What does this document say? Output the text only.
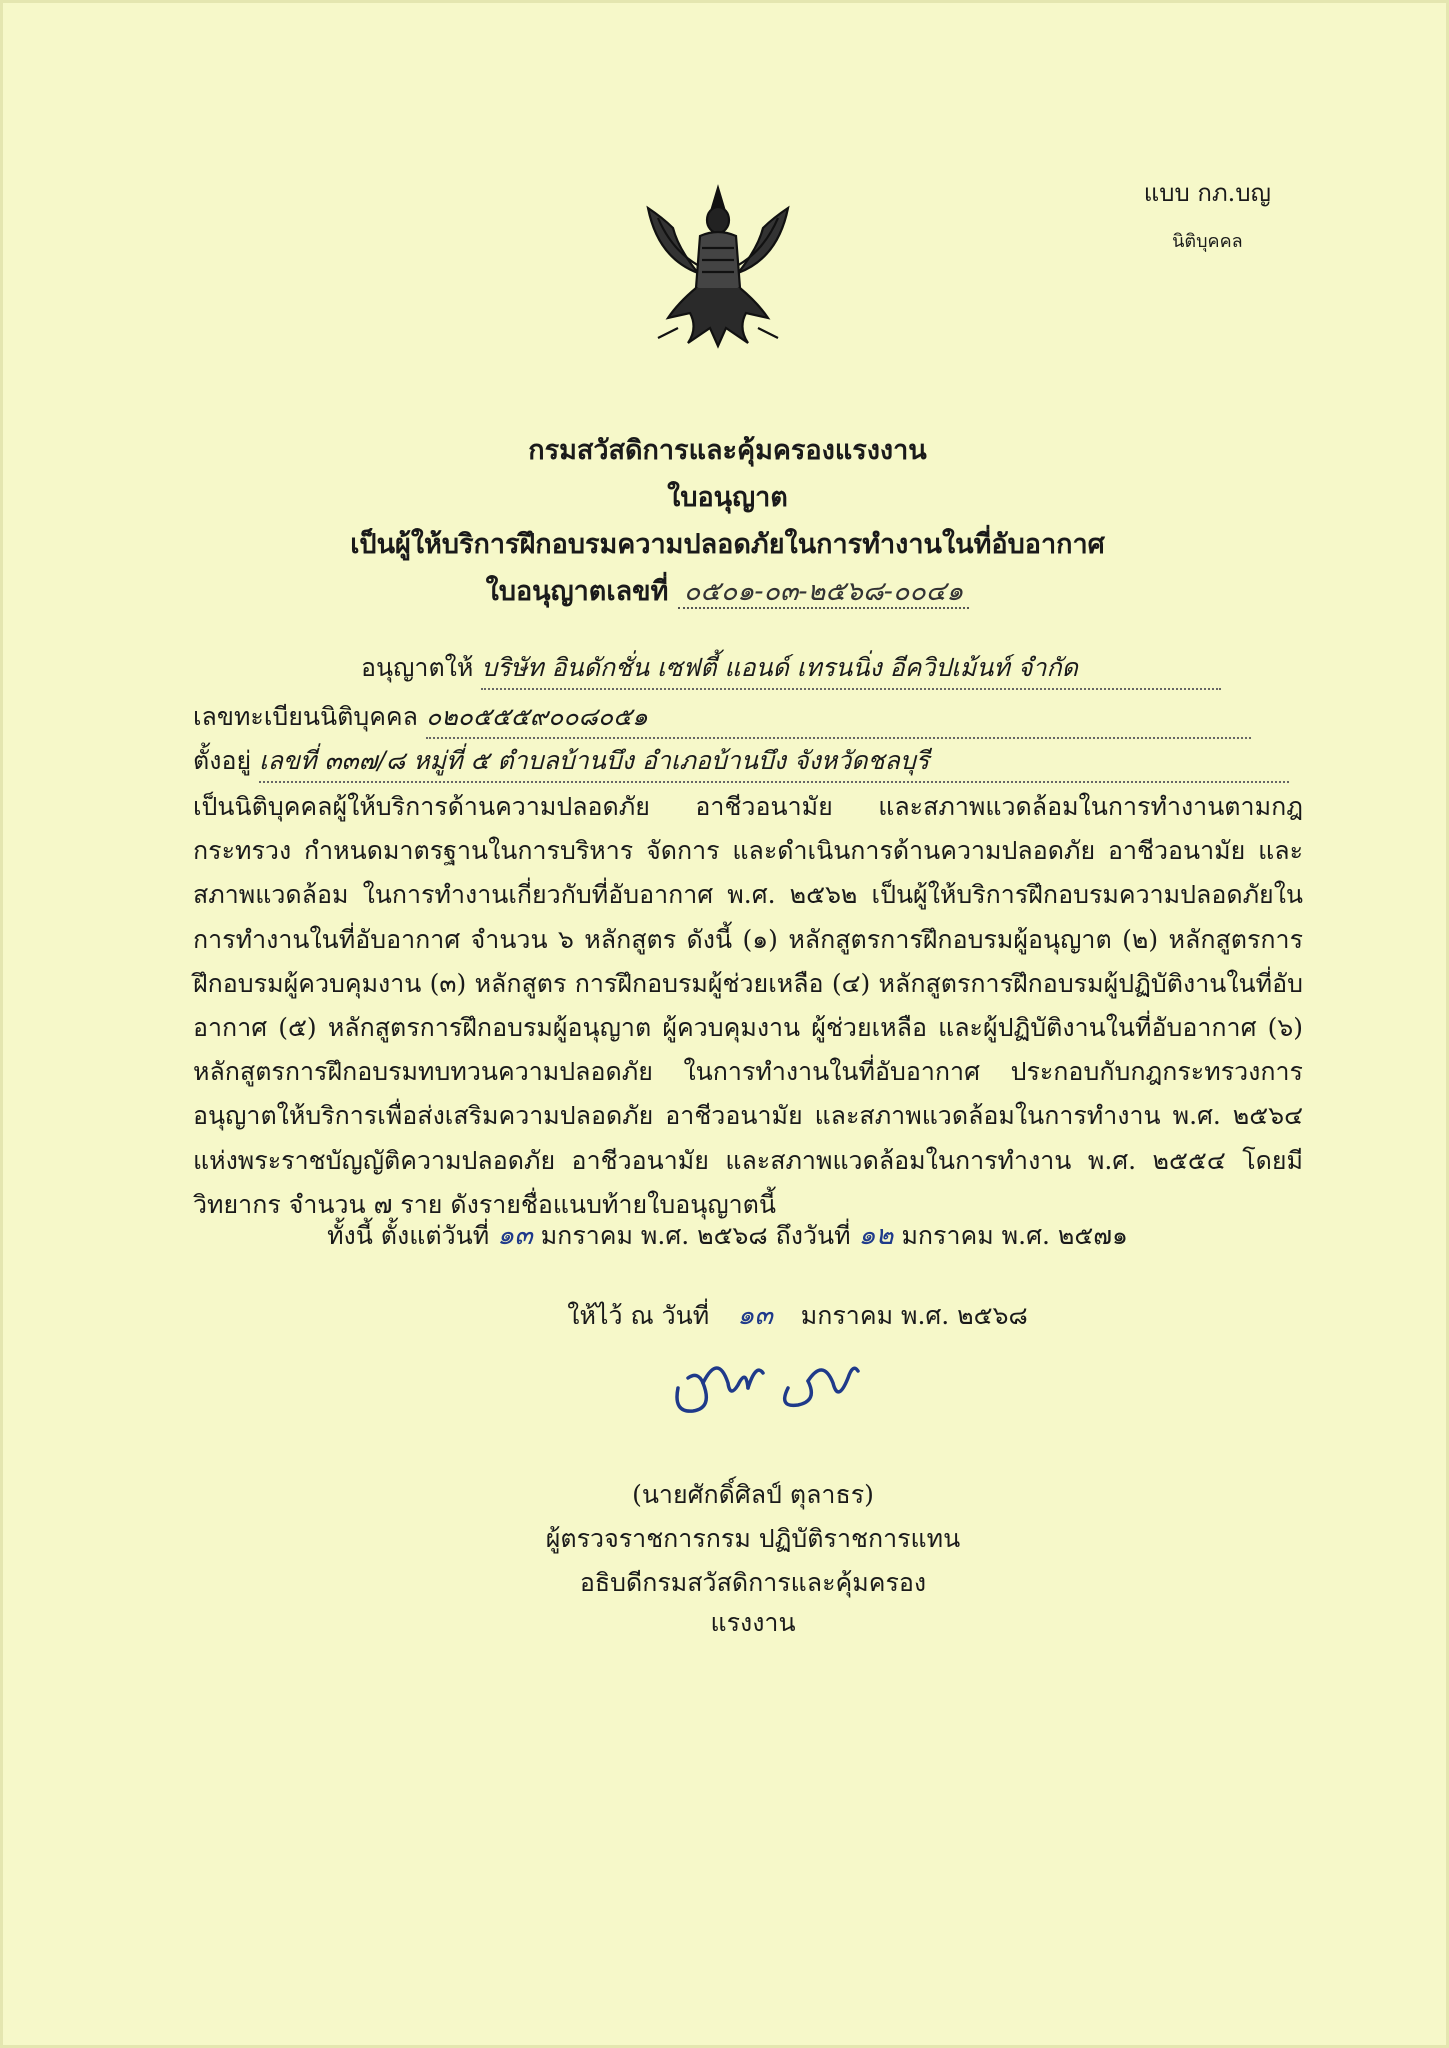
แบบ กภ.บญ
นิติบุคคล
กรมสวัสดิการและคุ้มครองแรงงาน
ใบอนุญาต
เป็นผู้ให้บริการฝึกอบรมความปลอดภัยในการทำงานในที่อับอากาศ
ใบอนุญาตเลขที่ ๐๕๐๑-๐๓-๒๕๖๘-๐๐๔๑
อนุญาตให้ บริษัท อินดักชั่น เซฟตี้ แอนด์ เทรนนิ่ง อีควิปเม้นท์ จำกัด
เลขทะเบียนนิติบุคคล ๐๒๐๕๕๕๙๐๐๘๐๕๑
ตั้งอยู่ เลขที่ ๓๓๗/๘ หมู่ที่ ๕ ตำบลบ้านบึง อำเภอบ้านบึง จังหวัดชลบุรี
เป็นนิติบุคคลผู้ให้บริการด้านความปลอดภัย อาชีวอนามัย และสภาพแวดล้อมในการทำงานตามกฎกระทรวง กำหนดมาตรฐานในการบริหาร จัดการ และดำเนินการด้านความปลอดภัย อาชีวอนามัย และสภาพแวดล้อม ในการทำงานเกี่ยวกับที่อับอากาศ พ.ศ. ๒๕๖๒ เป็นผู้ให้บริการฝึกอบรมความปลอดภัยในการทำงานในที่อับอากาศ จำนวน ๖ หลักสูตร ดังนี้ (๑) หลักสูตรการฝึกอบรมผู้อนุญาต (๒) หลักสูตรการฝึกอบรมผู้ควบคุมงาน (๓) หลักสูตร การฝึกอบรมผู้ช่วยเหลือ (๔) หลักสูตรการฝึกอบรมผู้ปฏิบัติงานในที่อับอากาศ (๕) หลักสูตรการฝึกอบรมผู้อนุญาต ผู้ควบคุมงาน ผู้ช่วยเหลือ และผู้ปฏิบัติงานในที่อับอากาศ (๖) หลักสูตรการฝึกอบรมทบทวนความปลอดภัย ในการทำงานในที่อับอากาศ ประกอบกับกฎกระทรวงการอนุญาตให้บริการเพื่อส่งเสริมความปลอดภัย อาชีวอนามัย และสภาพแวดล้อมในการทำงาน พ.ศ. ๒๕๖๔ แห่งพระราชบัญญัติความปลอดภัย อาชีวอนามัย และสภาพแวดล้อมในการทำงาน พ.ศ. ๒๕๕๔ โดยมีวิทยากร จำนวน ๗ ราย ดังรายชื่อแนบท้ายใบอนุญาตนี้
ทั้งนี้ ตั้งแต่วันที่ ๑๓ มกราคม พ.ศ. ๒๕๖๘ ถึงวันที่ ๑๒ มกราคม พ.ศ. ๒๕๗๑
ให้ไว้ ณ วันที่ ๑๓ มกราคม พ.ศ. ๒๕๖๘
(นายศักดิ์ศิลป์ ตุลาธร)
ผู้ตรวจราชการกรม ปฏิบัติราชการแทน
อธิบดีกรมสวัสดิการและคุ้มครองแรงงาน
